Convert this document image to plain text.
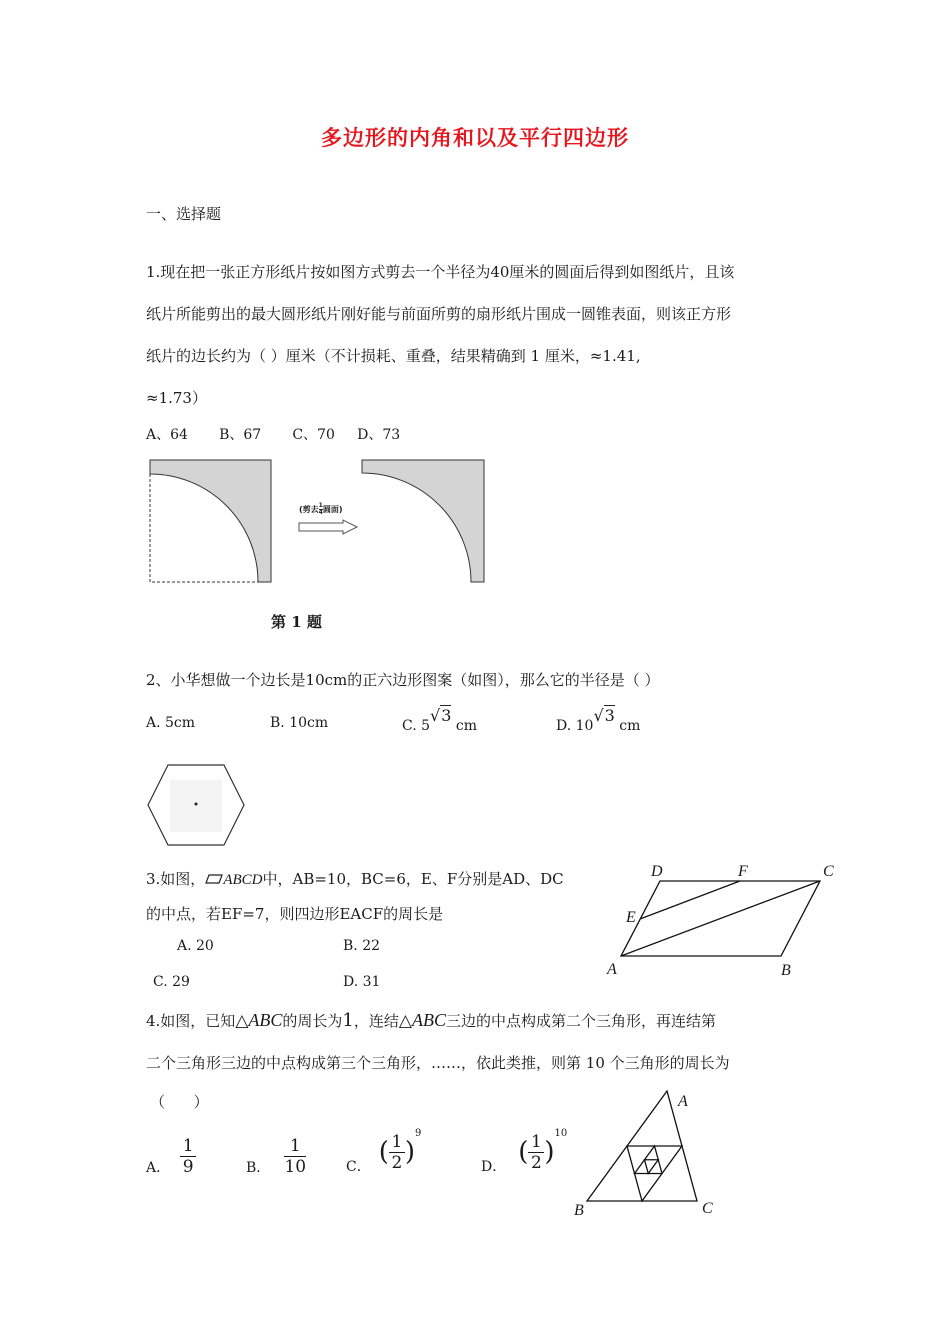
多边形的内角和以及平行四边形
一、选择题
1.现在把一张正方形纸片按如图方式剪去一个半径为40厘米的圆面后得到如图纸片，且该
纸片所能剪出的最大圆形纸片刚好能与前面所剪的扇形纸片围成一圆锥表面，则该正方形
纸片的边长约为（ ）厘米（不计损耗、重叠，结果精确到 1 厘米，≈1.41,
≈1.73）
A、64       B、67       C、70     D、73
(剪去 $\frac{1}{4}$ 圆面)
第 1 题
2、小华想做一个边长是10cm的正六边形图案（如图），那么它的半径是（ ）
A. 5cm	B. 10cm	C. 5√3 cm	D. 10√3 cm
3.如图， ABCD中，AB=10，BC=6，E、F分别是AD、DC
的中点，若EF=7，则四边形EACF的周长是
A. 20	B. 22
C. 29	D. 31
D	F	C
E
A	B
4.如图，已知△ABC的周长为1，连结△ABC三边的中点构成第二个三角形，再连结第
二个三角形三边的中点构成第三个三角形，……，依此类推，则第 10 个三角形的周长为
（      ）
A． $\frac{1}{9}$	B． $\frac{1}{10}$	C． ( $\frac{1}{2}$ )
9
D． ( $\frac{1}{2}$ )
10
A
B	C
